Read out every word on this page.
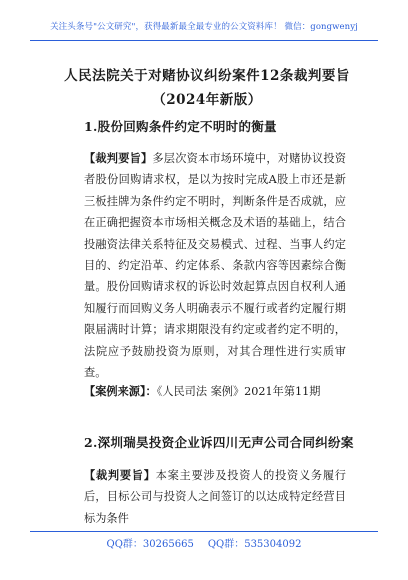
关注头条号"公文研究"，获得最新最全最专业的公文资料库！ 微信：gongwenyj
人民法院关于对赌协议纠纷案件12条裁判要旨（2024年新版）
1.股份回购条件约定不明时的衡量
【裁判要旨】多层次资本市场环境中，对赌协议投资者股份回购请求权，是以为按时完成A股上市还是新三板挂牌为条件约定不明时，判断条件是否成就，应在正确把握资本市场相关概念及术语的基础上，结合投融资法律关系特征及交易模式、过程、当事人约定目的、约定沿革、约定体系、条款内容等因素综合衡量。股份回购请求权的诉讼时效起算点因自权利人通知履行而回购义务人明确表示不履行或者约定履行期限届满时计算；请求期限没有约定或者约定不明的，法院应予鼓励投资为原则，对其合理性进行实质审查。
【案例来源】：《人民司法 案例》2021年第11期
2.深圳瑞昊投资企业诉四川无声公司合同纠纷案
【裁判要旨】本案主要涉及投资人的投资义务履行后，目标公司与投资人之间签订的以达成特定经营目标为条件
QQ群：30265665 QQ群：535304092
